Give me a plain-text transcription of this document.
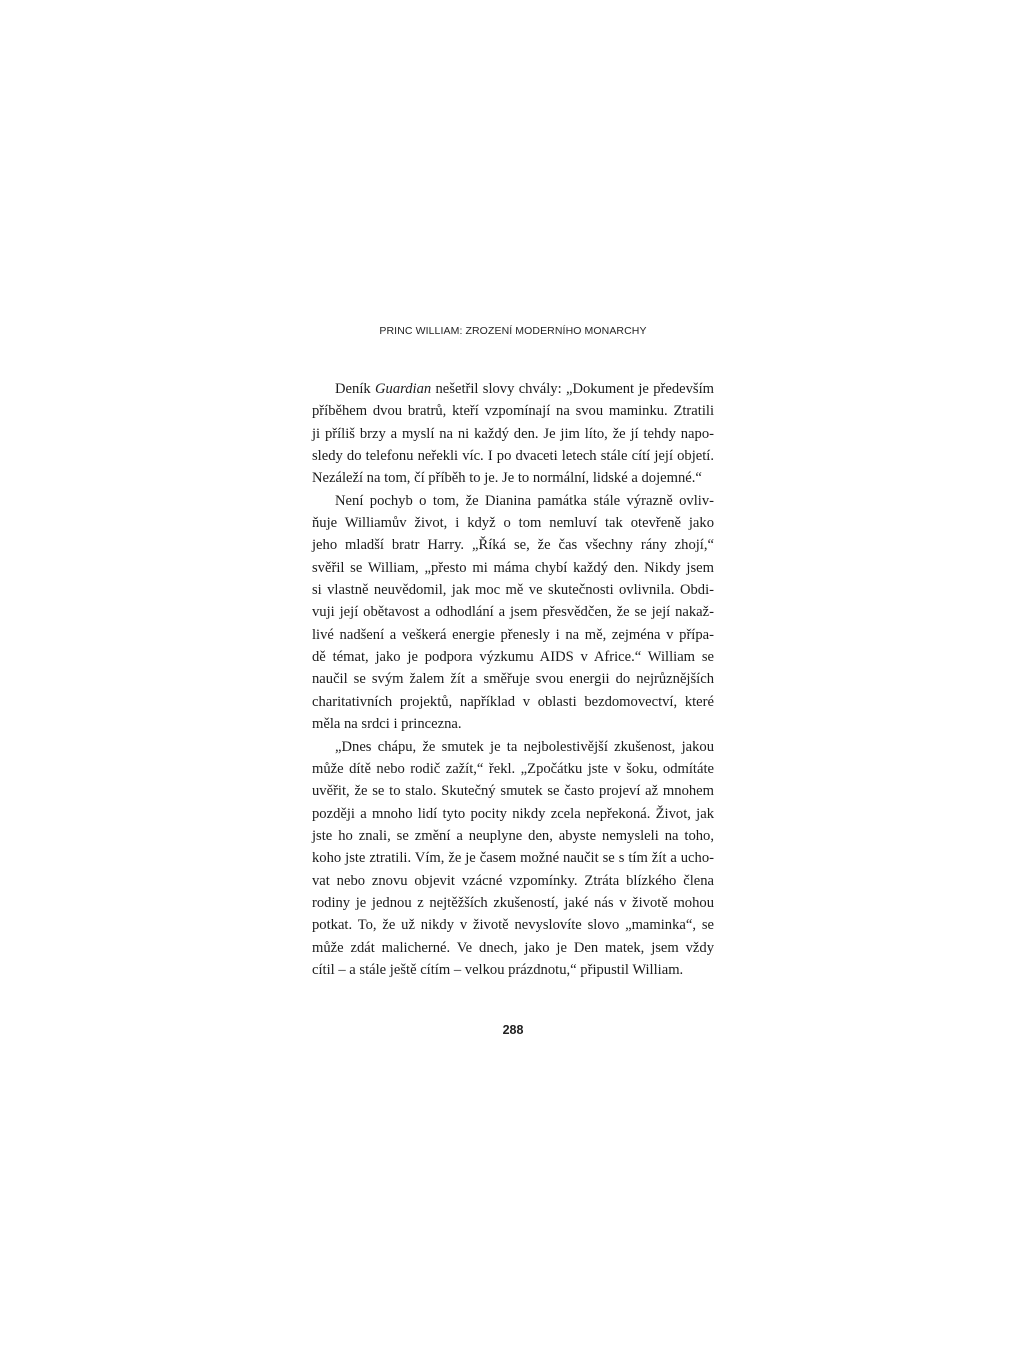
PRINC WILLIAM: ZROZENÍ MODERNÍHO MONARCHY
Deník Guardian nešetřil slovy chvály: „Dokument je především
příběhem dvou bratrů, kteří vzpomínají na svou maminku. Ztratili
ji příliš brzy a myslí na ni každý den. Je jim líto, že jí tehdy napo-
sledy do telefonu neřekli víc. I po dvaceti letech stále cítí její objetí.
Nezáleží na tom, čí příběh to je. Je to normální, lidské a dojemné.“
Není pochyb o tom, že Dianina památka stále výrazně ovliv-
ňuje Williamův život, i když o tom nemluví tak otevřeně jako
jeho mladší bratr Harry. „Říká se, že čas všechny rány zhojí,“
svěřil se William, „přesto mi máma chybí každý den. Nikdy jsem
si vlastně neuvědomil, jak moc mě ve skutečnosti ovlivnila. Obdi-
vuji její obětavost a odhodlání a jsem přesvědčen, že se její nakaž-
livé nadšení a veškerá energie přenesly i na mě, zejména v přípa-
dě témat, jako je podpora výzkumu AIDS v Africe.“ William se
naučil se svým žalem žít a směřuje svou energii do nejrůznějších
charitativních projektů, například v oblasti bezdomovectví, které
měla na srdci i princezna.
„Dnes chápu, že smutek je ta nejbolestivější zkušenost, jakou
může dítě nebo rodič zažít,“ řekl. „Zpočátku jste v šoku, odmítáte
uvěřit, že se to stalo. Skutečný smutek se často projeví až mnohem
později a mnoho lidí tyto pocity nikdy zcela nepřekoná. Život, jak
jste ho znali, se změní a neuplyne den, abyste nemysleli na toho,
koho jste ztratili. Vím, že je časem možné naučit se s tím žít a ucho-
vat nebo znovu objevit vzácné vzpomínky. Ztráta blízkého člena
rodiny je jednou z nejtěžších zkušeností, jaké nás v životě mohou
potkat. To, že už nikdy v životě nevyslovíte slovo „maminka“, se
může zdát malicherné. Ve dnech, jako je Den matek, jsem vždy
cítil – a stále ještě cítím – velkou prázdnotu,“ připustil William.
288
